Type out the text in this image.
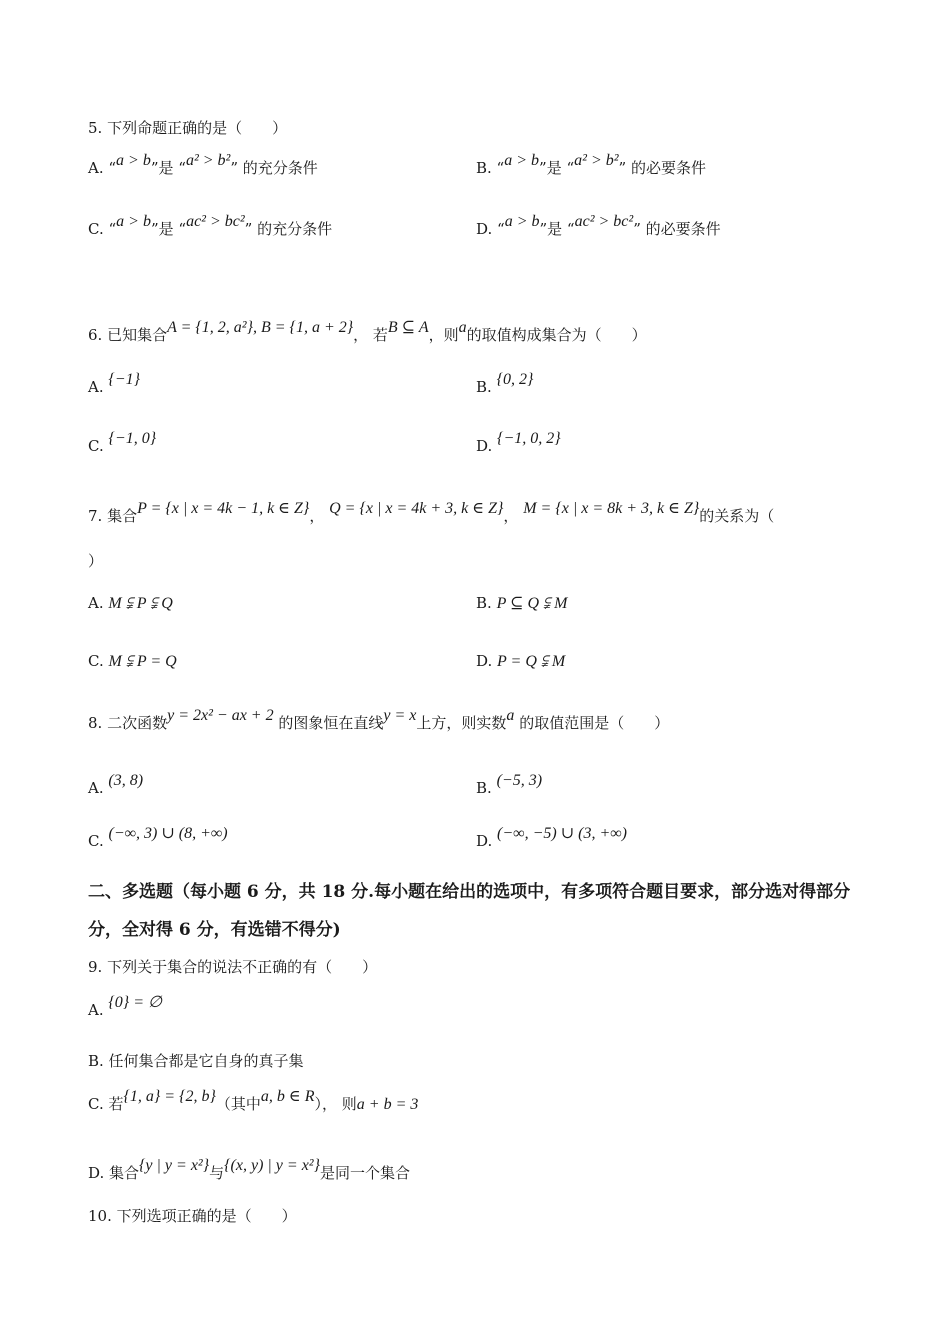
5. 下列命题正确的是（　　）
A. “a > b”是 “a² > b²” 的充分条件	B. “a > b”是 “a² > b²” 的必要条件
C. “a > b”是 “ac² > bc²” 的充分条件	D. “a > b”是 “ac² > bc²” 的必要条件
6. 已知集合A = {1, 2, a²}, B = {1, a + 2}， 若B ⊆ A，则a的取值构成集合为（　　）
A. {−1}	B. {0, 2}
C. {−1, 0}	D. {−1, 0, 2}
7. 集合P = {x | x = 4k − 1, k ∈ Z}， Q = {x | x = 4k + 3, k ∈ Z}， M = {x | x = 8k + 3, k ∈ Z}的关系为（
）
A. M ⫋ P ⫋ Q	B. P ⊆ Q ⫋ M
C. M ⫋ P = Q	D. P = Q ⫋ M
8. 二次函数y = 2x² − ax + 2 的图象恒在直线y = x上方，则实数a 的取值范围是（　　）
A. (3, 8)	B. (−5, 3)
C. (−∞, 3) ∪ (8, +∞)	D. (−∞, −5) ∪ (3, +∞)
二、多选题（每小题 6 分，共 18 分.每小题在给出的选项中，有多项符合题目要求，部分选对得部分分，全对得 6 分，有选错不得分)
9. 下列关于集合的说法不正确的有（　　）
A. {0} = ∅
B. 任何集合都是它自身的真子集
C. 若{1, a} = {2, b}（其中a, b ∈ R）， 则a + b = 3
D. 集合{y | y = x²}与{(x, y) | y = x²}是同一个集合
10. 下列选项正确的是（　　）
